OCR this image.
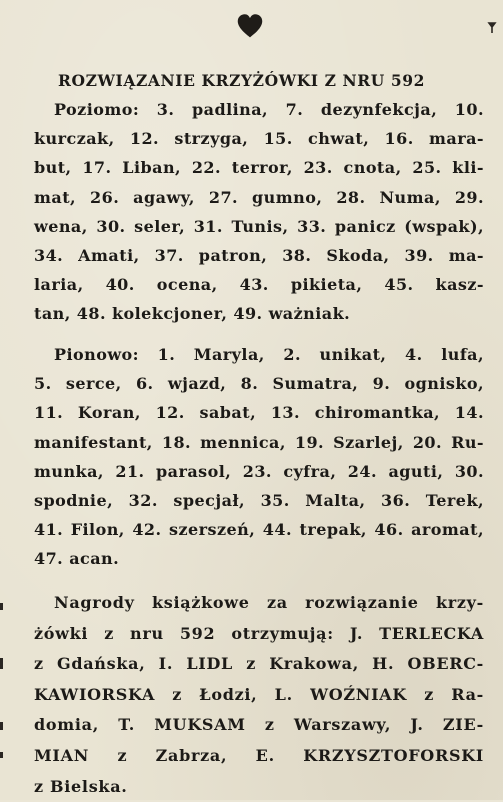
ROZWIĄZANIE KRZYŻÓWKI Z NRU 592
Poziomo: 3. padlina, 7. dezynfekcja, 10.
kurczak, 12. strzyga, 15. chwat, 16. mara-
but, 17. Liban, 22. terror, 23. cnota, 25. kli-
mat, 26. agawy, 27. gumno, 28. Numa, 29.
wena, 30. seler, 31. Tunis, 33. panicz (wspak),
34. Amati, 37. patron, 38. Skoda, 39. ma-
laria, 40. ocena, 43. pikieta, 45. kasz-
tan, 48. kolekcjoner, 49. ważniak.
Pionowo: 1. Maryla, 2. unikat, 4. lufa,
5. serce, 6. wjazd, 8. Sumatra, 9. ognisko,
11. Koran, 12. sabat, 13. chiromantka, 14.
manifestant, 18. mennica, 19. Szarlej, 20. Ru-
munka, 21. parasol, 23. cyfra, 24. aguti, 30.
spodnie, 32. specjał, 35. Malta, 36. Terek,
41. Filon, 42. szerszeń, 44. trepak, 46. aromat,
47. acan.
Nagrody książkowe za rozwiązanie krzy-
żówki z nru 592 otrzymują: J. TERLECKA
z Gdańska, I. LIDL z Krakowa, H. OBERC-
KAWIORSKA z Łodzi, L. WOŹNIAK z Ra-
domia, T. MUKSAM z Warszawy, J. ZIE-
MIAN z Zabrza, E. KRZYSZTOFORSKI
z Bielska.
